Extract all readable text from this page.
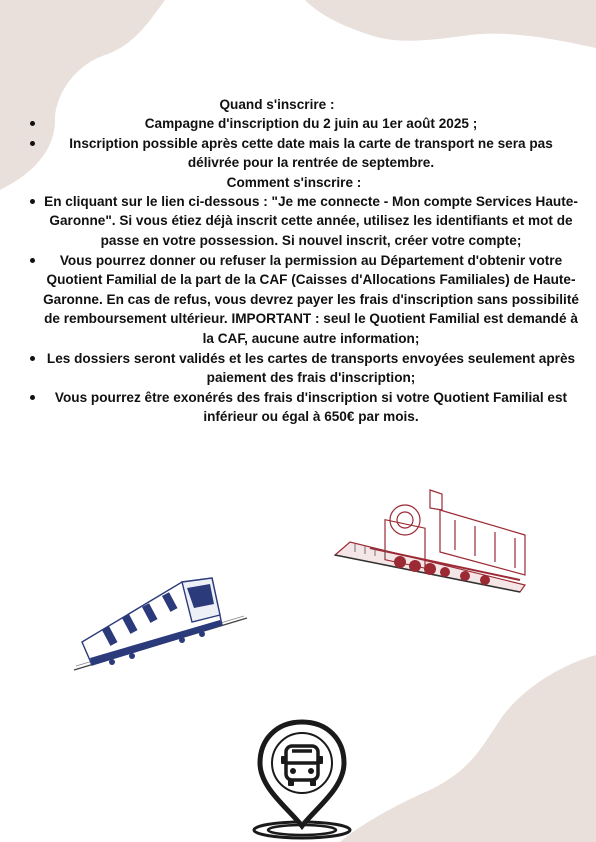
Quand s'inscrire :
Campagne d'inscription du 2 juin au 1er août 2025 ;
Inscription possible après cette date mais la carte de transport ne sera pas délivrée pour la rentrée de septembre.
Comment s'inscrire :
En cliquant sur le lien ci-dessous : "Je me connecte - Mon compte Services Haute-Garonne". Si vous étiez déjà inscrit cette année, utilisez les identifiants et mot de passe en votre possession. Si nouvel inscrit, créer votre compte;
Vous pourrez donner ou refuser la permission au Département d'obtenir votre Quotient Familial de la part de la CAF (Caisses d'Allocations Familiales) de Haute-Garonne. En cas de refus, vous devrez payer les frais d'inscription sans possibilité de remboursement ultérieur. IMPORTANT : seul le Quotient Familial est demandé à la CAF, aucune autre information;
Les dossiers seront validés et les cartes de transports envoyées seulement après paiement des frais d'inscription;
Vous pourrez être exonérés des frais d'inscription si votre Quotient Familial est inférieur ou égal à 650€ par mois.
